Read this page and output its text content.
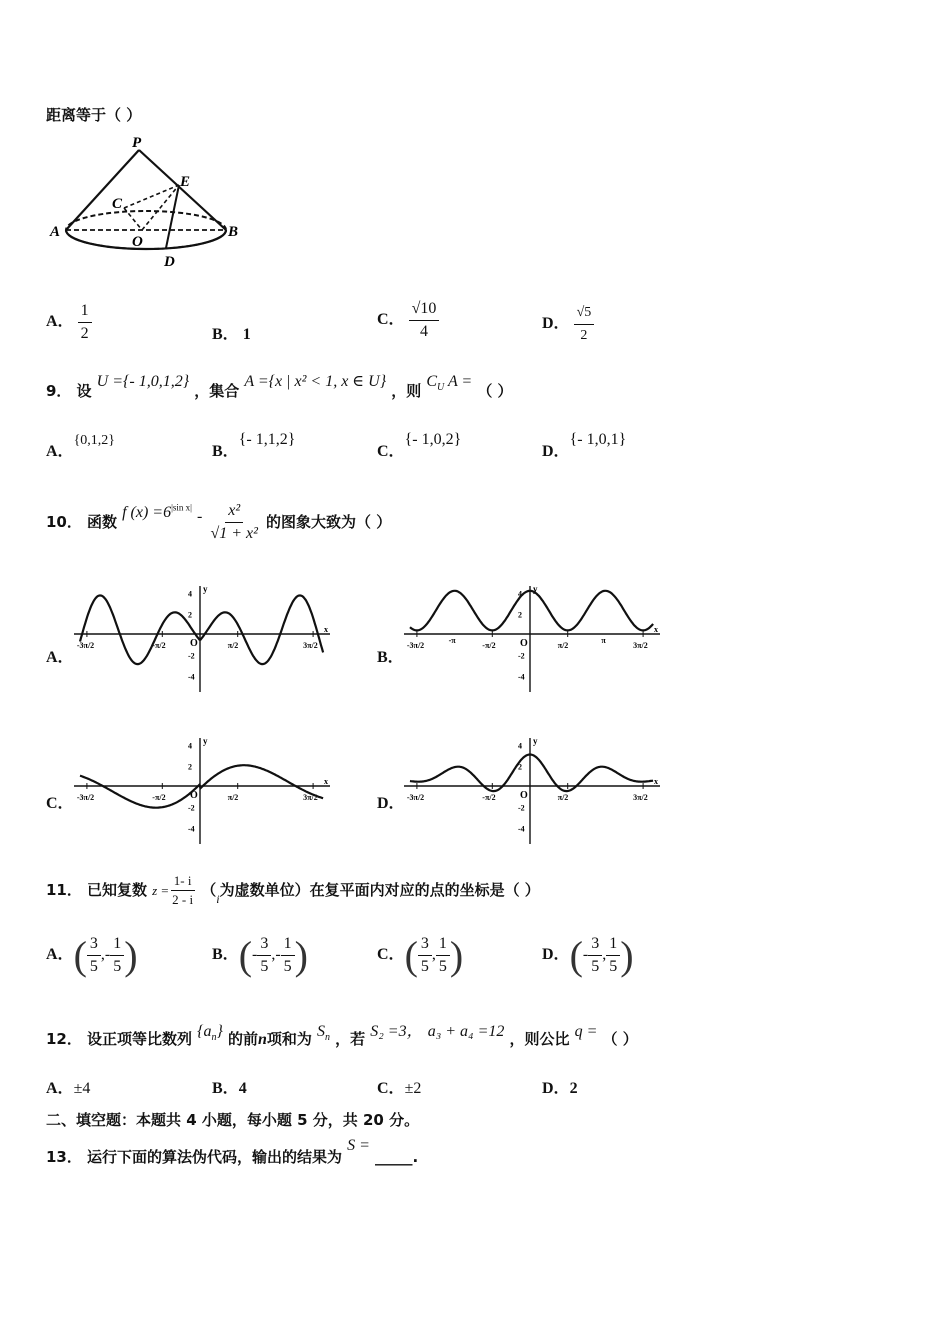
距离等于（ ）
P
E
C
O
A	B
D
A． $\frac{1}{2}$	B． 1
C． $\frac{√10}{4}$	D． $\frac{√5}{2}$
9． 设 U ={- 1,0,1,2} ，集合 A ={x | x² < 1, x ∈ U} ，则 $C_U$ A = （ ）
A．{0,1,2}
B．{- 1,1,2}
C．{- 1,0,2}
D．{- 1,0,1}
10． 函数 f $(x) =6^{|sin x|} - \frac{\text{x²}}{\text{√1 + x²}}$ 的图象大致为（ ）
A．	B．
C．	D．
y
x
O
4
2
-2
-4
-3π/2	-π/2	π/2	3π/2
y
x
O
4
2
-2
-4
-3π/2	-π/2	π/2	3π/2
-π	π
y
x
O
4
2
-2
-4
-3π/2	-π/2	π/2	3π/2
y
x
O
4
2
-2
-4
-3π/2	-π/2	π/2	3π/2
11． 已知复数 $z = \frac{1- i}{2 - i} (_i$为虚数单位）在复平面内对应的点的坐标是（ ）
A．( $\frac{3}{5}$ ,- $\frac{1}{5}$ )	B．(- $\frac{3}{5}$ ,- $\frac{1}{5}$ )	C．( $\frac{3}{5}$ , $\frac{1}{5}$ )	D．(- $\frac{3}{5}$ , $\frac{1}{5}$ )
12． 设正项等比数列 $\{a_n\}$ 的前n项和为 $S_n$ ，若 S₂ =3， a₃ + a₄ =12 ，则公比 q = （ ）
A．±4	B．4	C．±2	D．2
二、填空题：本题共 4 小题，每小题 5 分，共 20 分。
13． 运行下面的算法伪代码，输出的结果为 S = _____.
